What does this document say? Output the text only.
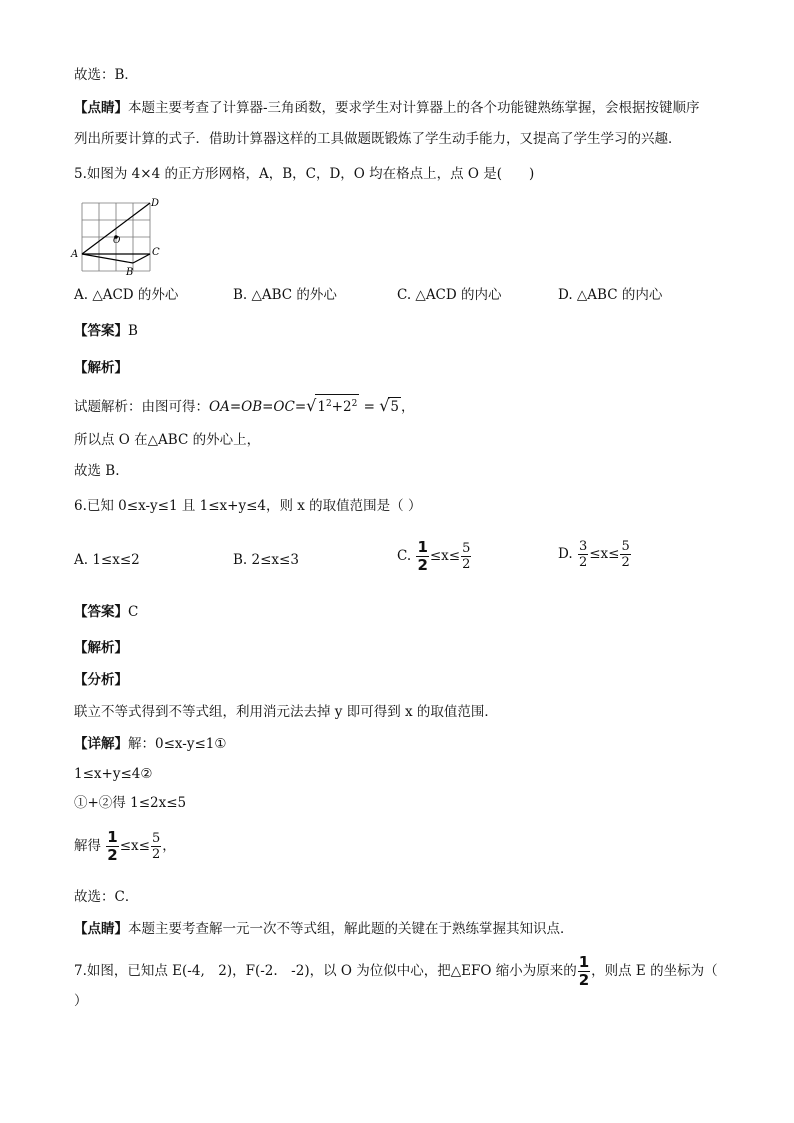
故选：B．
【点睛】本题主要考查了计算器-三角函数，要求学生对计算器上的各个功能键熟练掌握，会根据按键顺序
列出所要计算的式子．借助计算器这样的工具做题既锻炼了学生动手能力，又提高了学生学习的兴趣．
5.如图为 4×4 的正方形网格，A，B，C，D，O 均在格点上，点 O 是(　　)
D
A	C
B
O
A. △ACD 的外心	B. △ABC 的外心	C. △ACD 的内心	D. △ABC 的内心
【答案】B
【解析】
试题解析：由图可得：$OA=OB=OC=√1^2+2^2 = √5$ ，
所以点 O 在△ABC 的外心上，
故选 B.
6.已知 0≤x-y≤1 且 1≤x+y≤4，则 x 的取值范围是（ ）
A. 1≤x≤2	B. 2≤x≤3	C. $\frac{1}{2} \le x\le \frac{5}{2}$	D. $\frac{3}{2} \le x\le \frac{5}{2}$
【答案】C
【解析】
【分析】
联立不等式得到不等式组，利用消元法去掉 y 即可得到 x 的取值范围．
【详解】解：0≤x-y≤1①
1≤x+y≤4②
①+②得 1≤2x≤5
解得 $\frac{1}{2} \le x\le \frac{5}{2}$ ，
故选：C．
【点睛】本题主要考查解一元一次不等式组，解此题的关键在于熟练掌握其知识点．
7.如图，已知点 E(-4,　2)，F(-2.　-2)，以 O 为位似中心，把△EFO 缩小为原来的 $\frac{1}{2}$ ，则点 E 的坐标为（
）
